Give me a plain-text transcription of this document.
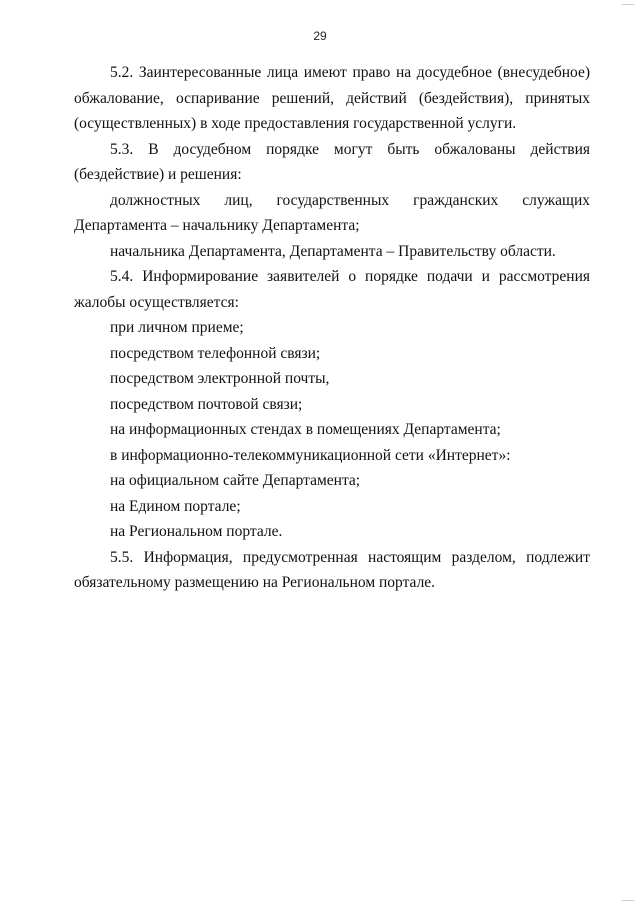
29

5.2. Заинтересованные лица имеют право на досудебное (внесудебное) обжалование, оспаривание решений, действий (бездействия), принятых (осуществленных) в ходе предоставления государственной услуги.

5.3. В досудебном порядке могут быть обжалованы действия (бездействие) и решения:

должностных лиц, государственных гражданских служащих Департамента – начальнику Департамента;

начальника Департамента, Департамента – Правительству области.

5.4. Информирование заявителей о порядке подачи и рассмотрения жалобы осуществляется:

при личном приеме;

посредством телефонной связи;

посредством электронной почты,

посредством почтовой связи;

на информационных стендах в помещениях Департамента;

в информационно-телекоммуникационной сети «Интернет»:

на официальном сайте Департамента;

на Едином портале;

на Региональном портале.

5.5. Информация, предусмотренная настоящим разделом, подлежит обязательному размещению на Региональном портале.
